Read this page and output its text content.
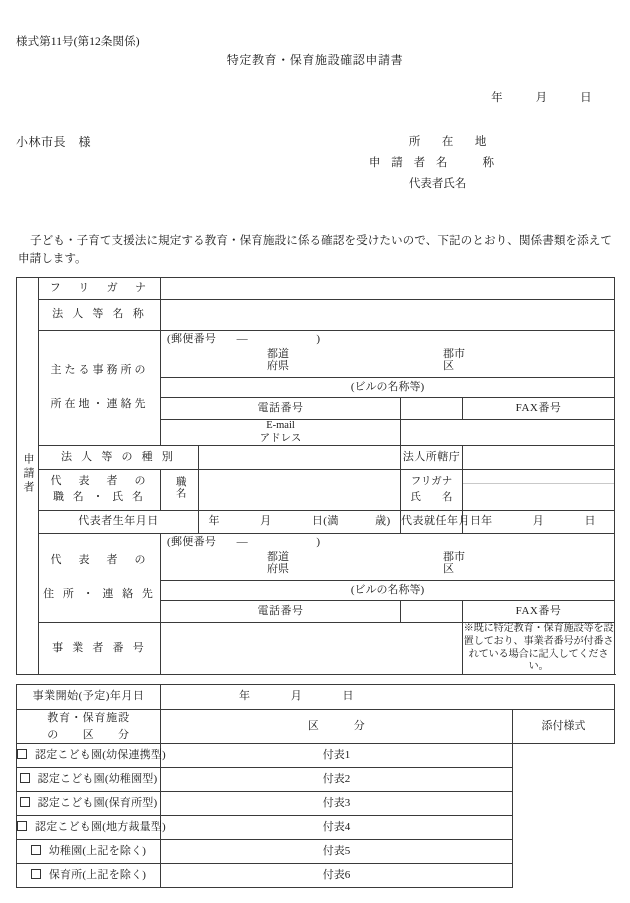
様式第11号(第12条関係)
特定教育・保育施設確認申請書
年	月	日
小林市長　様	所　在　地
申 請 者 名　　称
代表者氏名
子ども・子育て支援法に規定する教育・保育施設に係る確認を受けたいので、下記のとおり、関係書類を添えて申請します。
申請者	フ　リ　ガ　ナ					
	法 人 等 名 称					

主たる事務所の
所在地・連絡先

(郵便番号 —	)
都道
府県
郡市
区

		(ビルの名称等)				
		電話番号			FAX番号	

		E-mail
アドレス				

	法 人 等 の 種 別			法人所轄庁		

代　表　者　の
職 名 ・ 氏 名	職名		フリガナ
氏　　名

	代表者生年月日		年 月 日(満 歳)	代表就任年月日	年 月 日	

代　表　者　の
住 所 ・ 連 絡 先

(郵便番号 —	)
都道
府県
郡市
区

		(ビルの名称等)				
		電話番号			FAX番号	
	事 業 者 番 号				※既に特定教育・保育施設等を設置しており、事業者番号が付番されている場合に記入してください。	
事業開始(予定)年月日	年	月	日
教育・保育施設
の　　区　　分	区 分	添付様式
認定こども園(幼保連携型)	付表1	
認定こども園(幼稚園型)	付表2	
認定こども園(保育所型)	付表3	
認定こども園(地方裁量型)	付表4	
幼稚園(上記を除く)	付表5	
保育所(上記を除く)	付表6	
